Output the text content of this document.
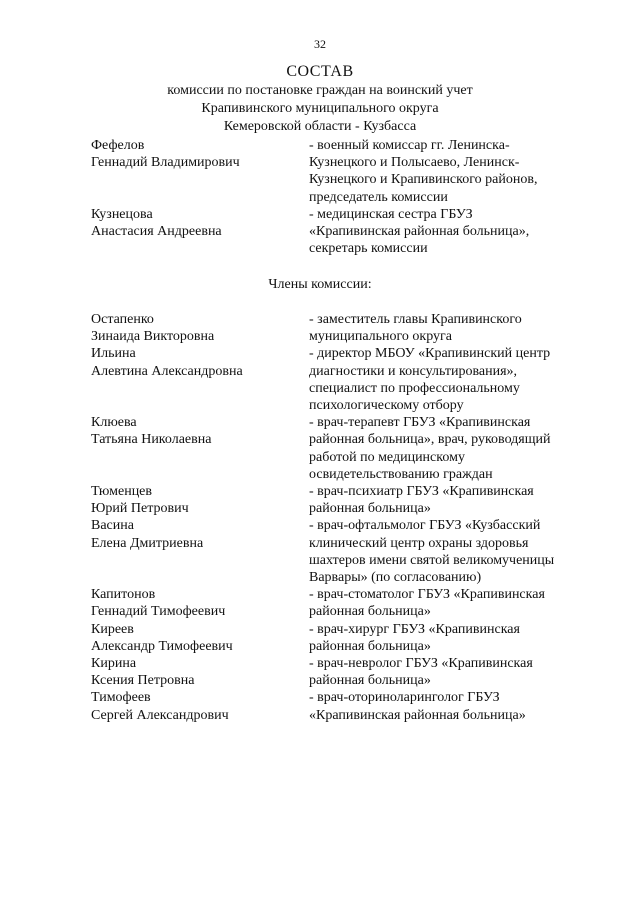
32
СОСТАВ
комиссии по постановке граждан на воинский учет
Крапивинского муниципального округа
Кемеровской области - Кузбасса
Фефелов
Геннадий Владимирович
- военный комиссар гг. Ленинска-
Кузнецкого и Полысаево, Ленинск-
Кузнецкого и Крапивинского районов,
председатель комиссии
Кузнецова
Анастасия Андреевна
- медицинская сестра ГБУЗ
«Крапивинская районная больница»,
секретарь комиссии
Члены комиссии:
Остапенко
Зинаида Викторовна
- заместитель главы Крапивинского
муниципального округа
Ильина
Алевтина Александровна
- директор МБОУ «Крапивинский центр
диагностики и консультирования»,
специалист по профессиональному
психологическому отбору
Клюева
Татьяна Николаевна
- врач-терапевт ГБУЗ «Крапивинская
районная больница», врач, руководящий
работой по медицинскому
освидетельствованию граждан
Тюменцев
Юрий Петрович
- врач-психиатр ГБУЗ «Крапивинская
районная больница»
Васина
Елена Дмитриевна
- врач-офтальмолог ГБУЗ «Кузбасский
клинический центр охраны здоровья
шахтеров имени святой великомученицы
Варвары» (по согласованию)
Капитонов
Геннадий Тимофеевич
- врач-стоматолог ГБУЗ «Крапивинская
районная больница»
Киреев
Александр Тимофеевич
- врач-хирург ГБУЗ «Крапивинская
районная больница»
Кирина
Ксения Петровна
- врач-невролог ГБУЗ «Крапивинская
районная больница»
Тимофеев
Сергей Александрович
- врач-оториноларинголог ГБУЗ
«Крапивинская районная больница»
